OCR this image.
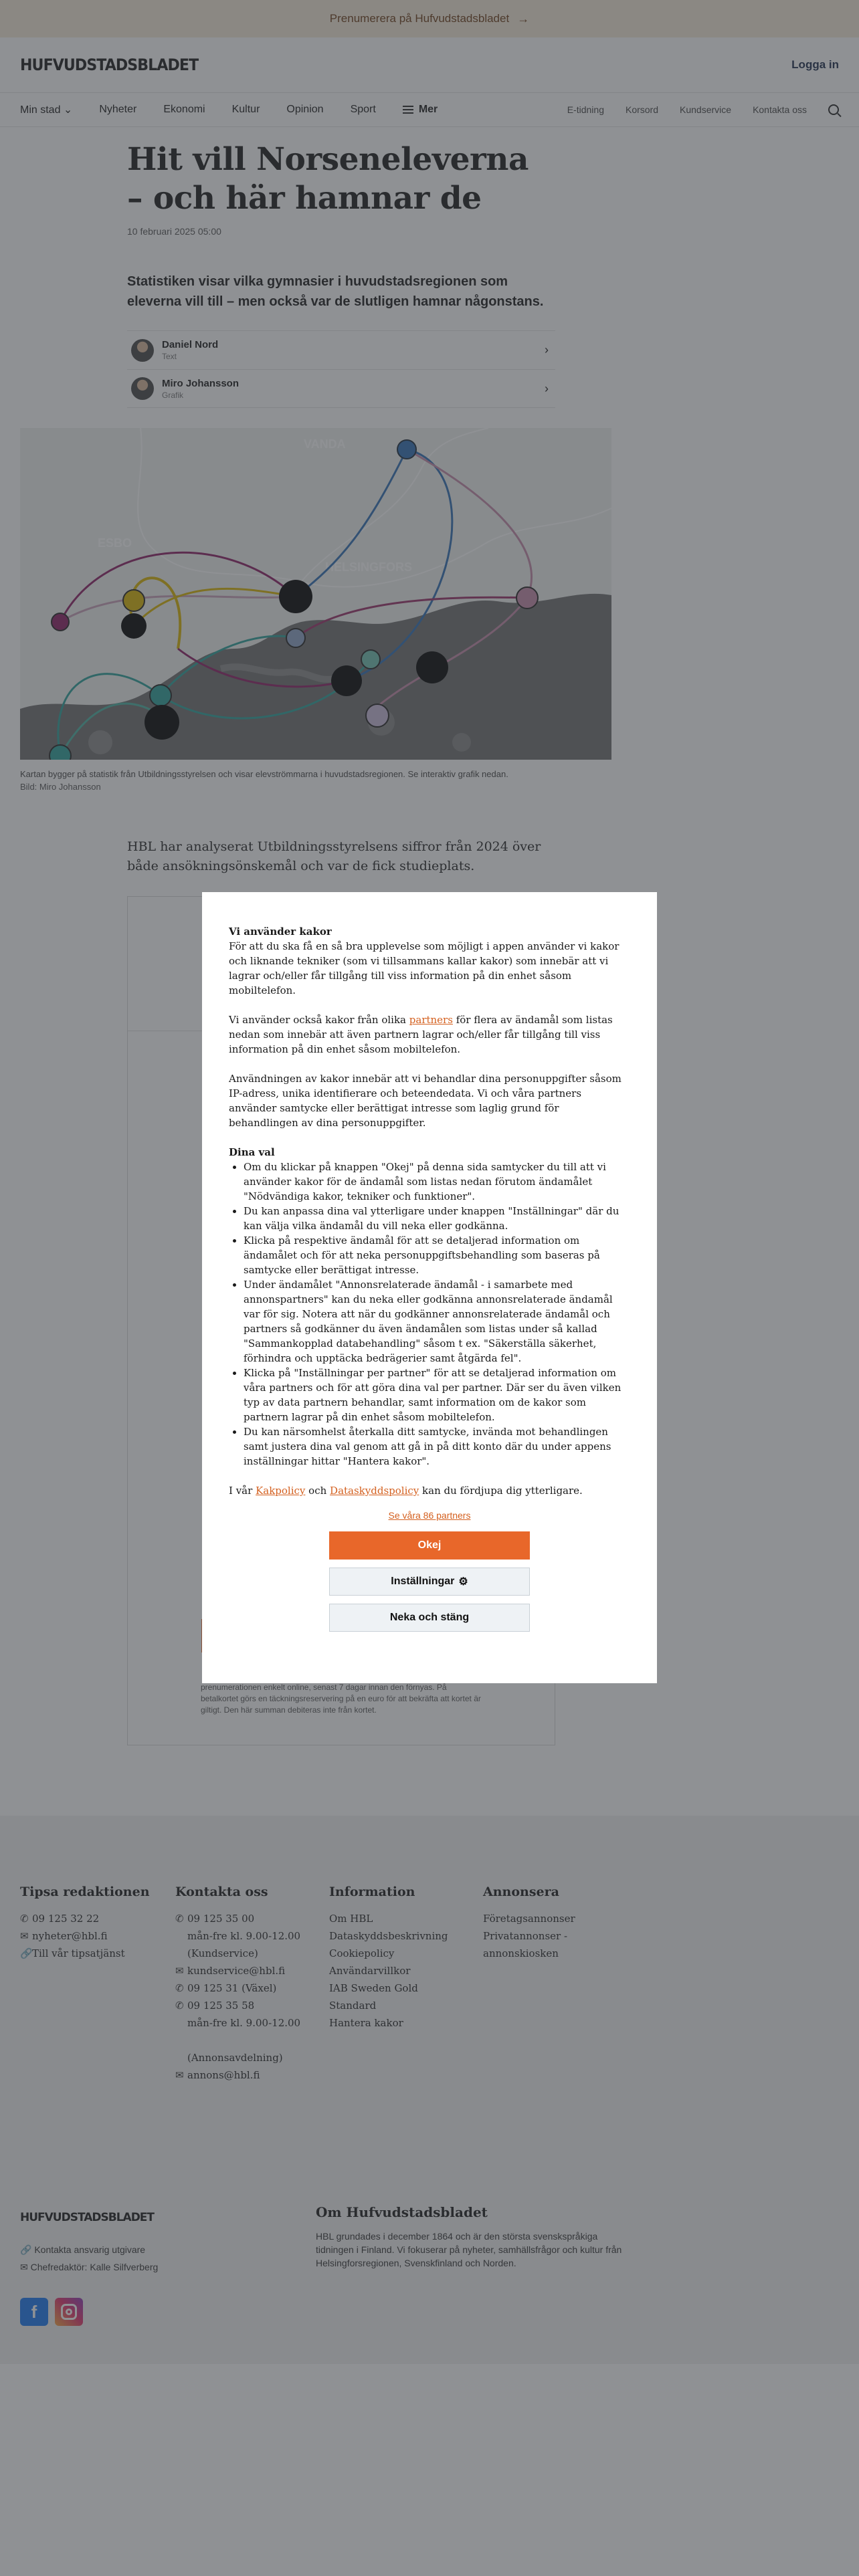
Vi använder kakor

För att du ska få en så bra upplevelse som möjligt i appen använder vi kakor och liknande tekniker (som vi tillsammans kallar kakor) som innebär att vi lagrar och/eller får tillgång till viss information på din enhet såsom mobiltelefon.

Vi använder också kakor från olika partners för flera av ändamål som listas nedan som innebär att även partnern lagrar och/eller får tillgång till viss information på din enhet såsom mobiltelefon.

Användningen av kakor innebär att vi behandlar dina personuppgifter såsom IP-adress, unika identifierare och beteendedata. Vi och våra partners använder samtycke eller berättigat intresse som laglig grund för behandlingen av dina personuppgifter.

Dina val
• Om du klickar på knappen "Okej" på denna sida samtycker du till att vi använder kakor för de ändamål som listas nedan förutom ändamålet "Nödvändiga kakor, tekniker och funktioner".
• Du kan anpassa dina val ytterligare under knappen "Inställningar" där du kan välja vilka ändamål du vill neka eller godkänna.
• Klicka på respektive ändamål för att se detaljerad information om ändamålet och för att neka personuppgiftsbehandling som baseras på samtycke eller berättigat intresse.
• Under ändamålet "Annonsrelaterade ändamål - i samarbete med annonspartners" kan du neka eller godkänna annonsrelaterade ändamål var för sig. Notera att när du godkänner annonsrelaterade ändamål och partners så godkänner du även ändamålen som listas under så kallad "Sammankopplad databehandling" såsom t ex. "Säkerställa säkerhet, förhindra och upptäcka bedrägerier samt åtgärda fel".
• Klicka på "Inställningar per partner" för att se detaljerad information om våra partners och för att göra dina val per partner. Där ser du även vilken typ av data partnern behandlar, samt information om de kakor som partnern lagrar på din enhet såsom mobiltelefon.
• Du kan närsomhelst återkalla ditt samtycke, invända mot behandlingen samt justera dina val genom att gå in på ditt konto där du under appens inställningar hittar "Hantera kakor".

I vår Kakpolicy och Dataskyddspolicy kan du fördjupa dig ytterligare.

Se våra 86 partners
Okej
Inställningar ⚙
Neka och stäng
